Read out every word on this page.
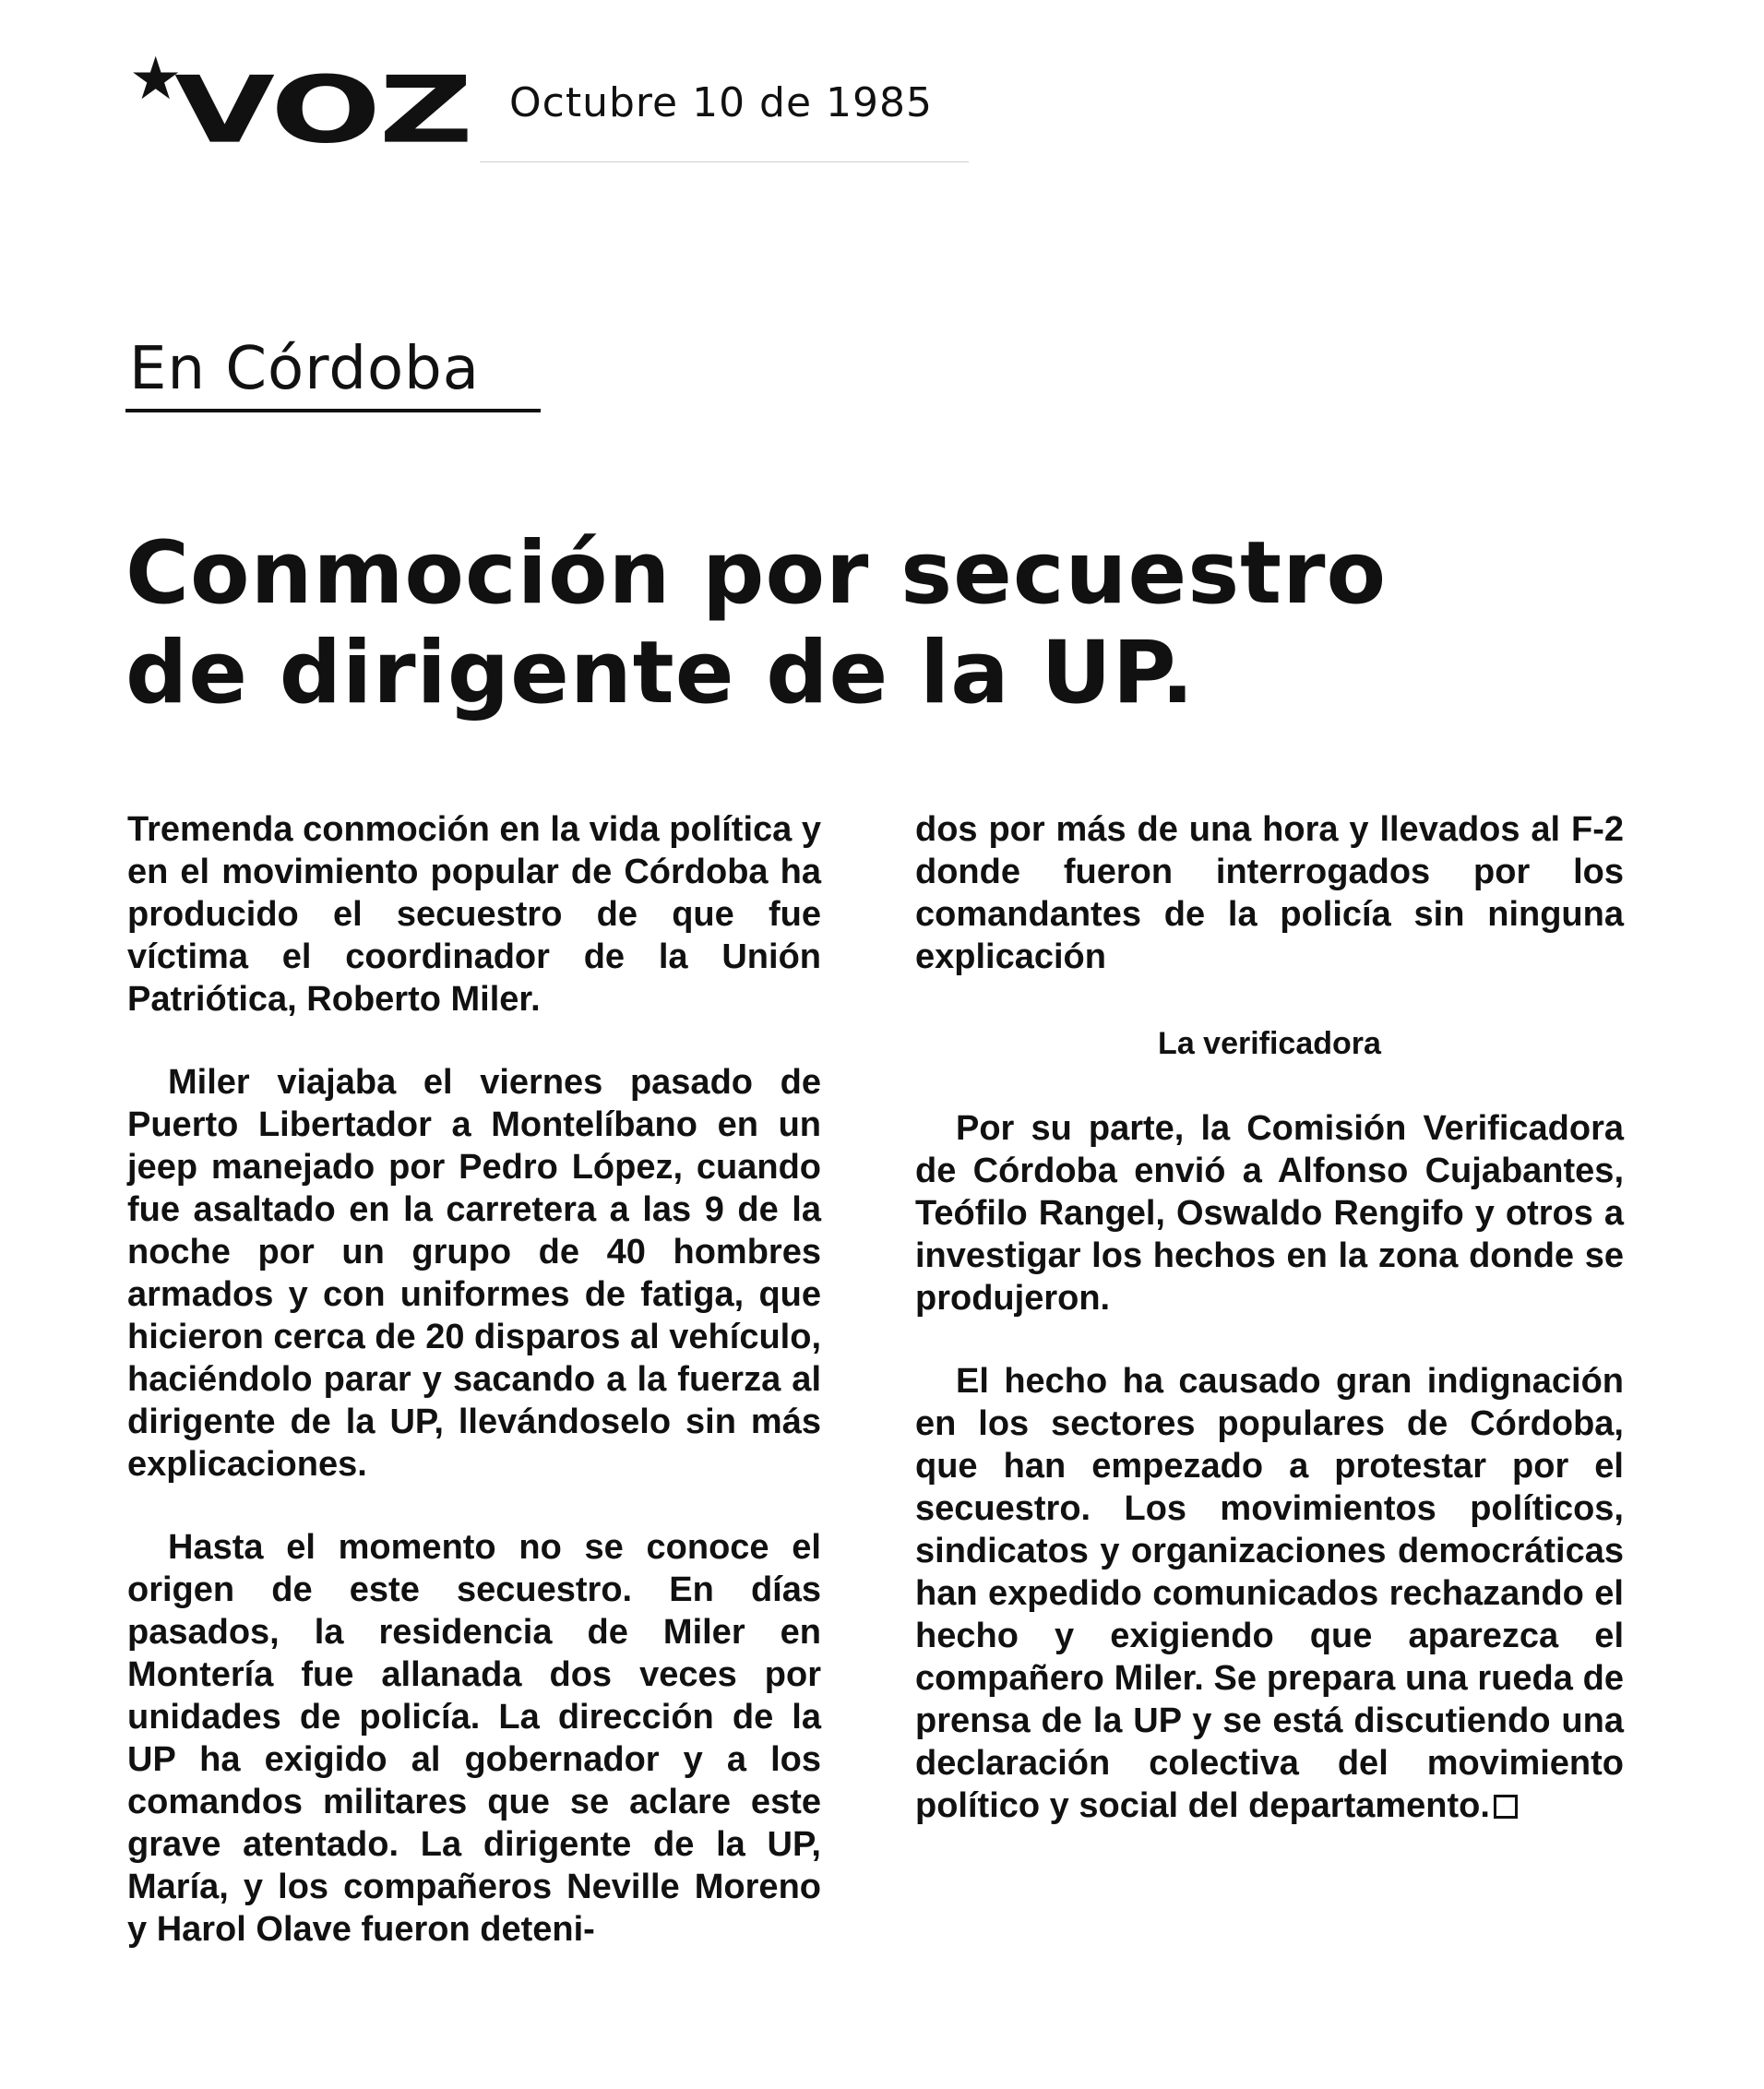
★
VOZ Octubre 10 de 1985
En Córdoba
Conmoción por secuestro
de dirigente de la UP.

Tremenda conmoción en la vida política y en el movimiento popular de Córdoba ha producido el secuestro de que fue víctima el coordinador de la Unión Patriótica, Roberto Miler.

Miler viajaba el viernes pasado de Puerto Libertador a Montelíbano en un jeep manejado por Pedro López, cuando fue asaltado en la carretera a las 9 de la noche por un grupo de 40 hombres armados y con uniformes de fatiga, que hicieron cerca de 20 disparos al vehículo, haciéndolo parar y sacando a la fuerza al dirigente de la UP, llevándoselo sin más explicaciones.

Hasta el momento no se conoce el origen de este secuestro. En días pasados, la residencia de Miler en Montería fue allanada dos veces por unidades de policía. La dirección de la UP ha exigido al gobernador y a los comandos militares que se aclare este grave atentado. La dirigente de la UP, María, y los compañeros Neville Moreno y Harol Olave fueron deteni-

dos por más de una hora y llevados al F-2 donde fueron interrogados por los comandantes de la policía sin ninguna explicación

La verificadora

Por su parte, la Comisión Verificadora de Córdoba envió a Alfonso Cujabantes, Teófilo Rangel, Oswaldo Rengifo y otros a investigar los hechos en la zona donde se produjeron.

El hecho ha causado gran indignación en los sectores populares de Córdoba, que han empezado a protestar por el secuestro. Los movimientos políticos, sindicatos y organizaciones democráticas han expedido comunicados rechazando el hecho y exigiendo que aparezca el compañero Miler. Se prepara una rueda de prensa de la UP y se está discutiendo una declaración colectiva del movimiento político y social del departamento.
